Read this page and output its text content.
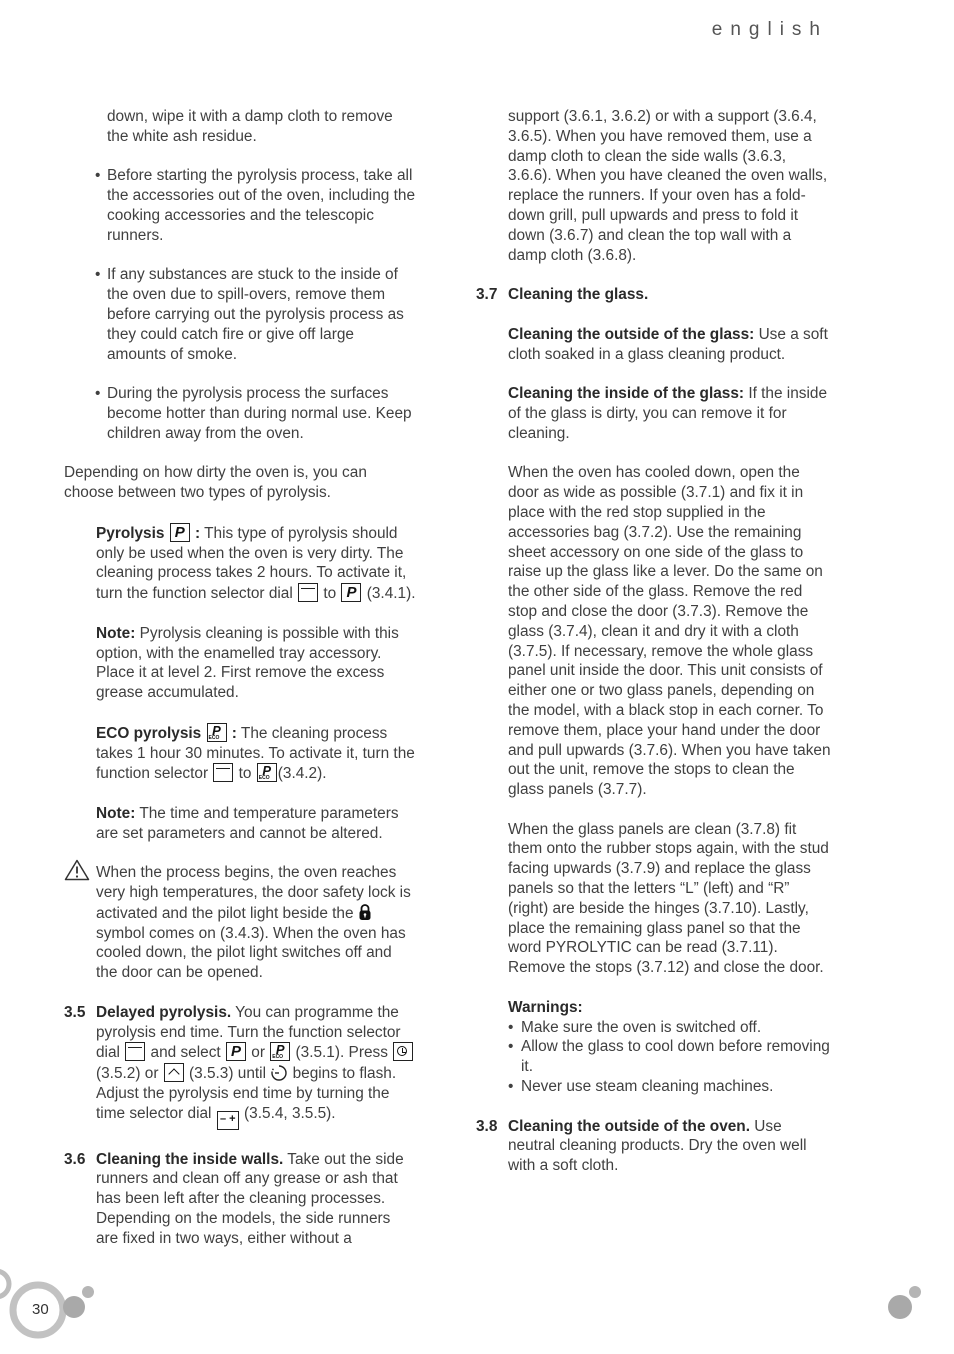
english

down, wipe it with a damp cloth to remove the white ash residue.

• Before starting the pyrolysis process, take all the accessories out of the oven, including the cooking accessories and the telescopic runners.

• If any substances are stuck to the inside of the oven due to spill-overs, remove them before carrying out the pyrolysis process as they could catch fire or give off large amounts of smoke.

• During the pyrolysis process the surfaces become hotter than during normal use. Keep children away from the oven.

Depending on how dirty the oven is, you can choose between two types of pyrolysis.

Pyrolysis P : This type of pyrolysis should only be used when the oven is very dirty. The cleaning process takes 2 hours. To activate it, turn the function selector dial to P (3.4.1).

Note: Pyrolysis cleaning is possible with this option, with the enamelled tray accessory. Place it at level 2. First remove the excess grease accumulated.

ECO pyrolysis ECO P : The cleaning process takes 1 hour 30 minutes. To activate it, turn the function selector to ECO P (3.4.2).

Note: The time and temperature parameters are set parameters and cannot be altered.

When the process begins, the oven reaches very high temperatures, the door safety lock is activated and the pilot light beside the  symbol comes on (3.4.3). When the oven has cooled down, the pilot light switches off and the door can be opened.

3.5 Delayed pyrolysis. You can programme the pyrolysis end time. Turn the function selector dial and select P or ECO P (3.5.1). Press  (3.5.2) or (3.5.3) until begins to flash. Adjust the pyrolysis end time by turning the time selector dial – + (3.5.4, 3.5.5).

3.6 Cleaning the inside walls. Take out the side runners and clean off any grease or ash that has been left after the cleaning processes. Depending on the models, the side runners are fixed in two ways, either without a

support (3.6.1, 3.6.2) or with a support (3.6.4, 3.6.5). When you have removed them, use a damp cloth to clean the side walls (3.6.3, 3.6.6). When you have cleaned the oven walls, replace the runners. If your oven has a fold-down grill, pull upwards and press to fold it down (3.6.7) and clean the top wall with a damp cloth (3.6.8).

3.7 Cleaning the glass.

Cleaning the outside of the glass: Use a soft cloth soaked in a glass cleaning product.

Cleaning the inside of the glass: If the inside of the glass is dirty, you can remove it for cleaning.

When the oven has cooled down, open the door as wide as possible (3.7.1) and fix it in place with the red stop supplied in the accessories bag (3.7.2). Use the remaining sheet accessory on one side of the glass to raise up the glass like a lever. Do the same on the other side of the glass. Remove the red stop and close the door (3.7.3). Remove the glass (3.7.4), clean it and dry it with a cloth (3.7.5). If necessary, remove the whole glass panel unit inside the door. This unit consists of either one or two glass panels, depending on the model, with a black stop in each corner. To remove them, place your hand under the door and pull upwards (3.7.6). When you have taken out the unit, remove the stops to clean the glass panels (3.7.7).

When the glass panels are clean (3.7.8) fit them onto the rubber stops again, with the stud facing upwards (3.7.9) and replace the glass panels so that the letters “L” (left) and “R” (right) are beside the hinges (3.7.10). Lastly, place the remaining glass panel so that the word PYROLYTIC can be read (3.7.11). Remove the stops (3.7.12) and close the door.

Warnings:
• Make sure the oven is switched off.
• Allow the glass to cool down before removing it.
• Never use steam cleaning machines.
3.8 Cleaning the outside of the oven. Use neutral cleaning products. Dry the oven well with a soft cloth.

30
